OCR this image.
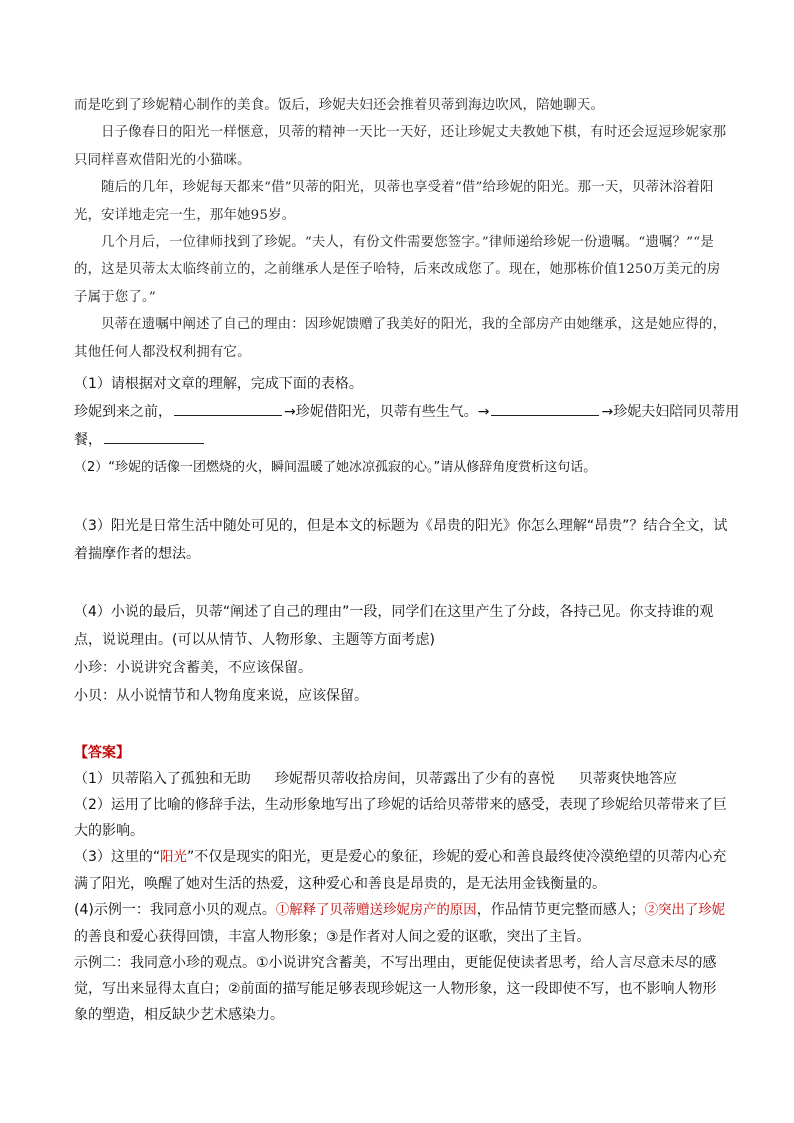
而是吃到了珍妮精心制作的美食。饭后，珍妮夫妇还会推着贝蒂到海边吹风，陪她聊天。

日子像春日的阳光一样惬意，贝蒂的精神一天比一天好，还让珍妮丈夫教她下棋，有时还会逗逗珍妮家那只同样喜欢借阳光的小猫咪。

随后的几年，珍妮每天都来“借”贝蒂的阳光，贝蒂也享受着“借”给珍妮的阳光。那一天，贝蒂沐浴着阳光，安详地走完一生，那年她95岁。

几个月后，一位律师找到了珍妮。“夫人，有份文件需要您签字。”律师递给珍妮一份遗嘱。“遗嘱？”“是的，这是贝蒂太太临终前立的，之前继承人是侄子哈特，后来改成您了。现在，她那栋价值1250万美元的房子属于您了。”

贝蒂在遗嘱中阐述了自己的理由：因珍妮馈赠了我美好的阳光，我的全部房产由她继承，这是她应得的，其他任何人都没权利拥有它。

（1）请根据对文章的理解，完成下面的表格。
珍妮到来之前，	→珍妮借阳光，贝蒂有些生气。→	→珍妮夫妇陪同贝蒂用
餐，
（2）“珍妮的话像一团燃烧的火，瞬间温暖了她冰凉孤寂的心。”请从修辞角度赏析这句话。
（3）阳光是日常生活中随处可见的，但是本文的标题为《昂贵的阳光》你怎么理解“昂贵”？结合全文，试着揣摩作者的想法。
（4）小说的最后，贝蒂“阐述了自己的理由”一段，同学们在这里产生了分歧，各持己见。你支持谁的观点，说说理由。(可以从情节、人物形象、主题等方面考虑)
小珍：小说讲究含蓄美，不应该保留。
小贝：从小说情节和人物角度来说，应该保留。
【答案】
（1）贝蒂陷入了孤独和无助 珍妮帮贝蒂收拾房间，贝蒂露出了少有的喜悦 贝蒂爽快地答应
（2）运用了比喻的修辞手法，生动形象地写出了珍妮的话给贝蒂带来的感受，表现了珍妮给贝蒂带来了巨大的影响。
（3）这里的“阳光”不仅是现实的阳光，更是爱心的象征，珍妮的爱心和善良最终使冷漠绝望的贝蒂内心充满了阳光，唤醒了她对生活的热爱，这种爱心和善良是昂贵的，是无法用金钱衡量的。
(4)示例一：我同意小贝的观点。①解释了贝蒂赠送珍妮房产的原因，作品情节更完整而感人；②突出了珍妮的善良和爱心获得回馈，丰富人物形象；③是作者对人间之爱的讴歌，突出了主旨。
示例二：我同意小珍的观点。①小说讲究含蓄美，不写出理由，更能促使读者思考，给人言尽意未尽的感觉，写出来显得太直白；②前面的描写能足够表现珍妮这一人物形象，这一段即使不写，也不影响人物形象的塑造，相反缺少艺术感染力。
